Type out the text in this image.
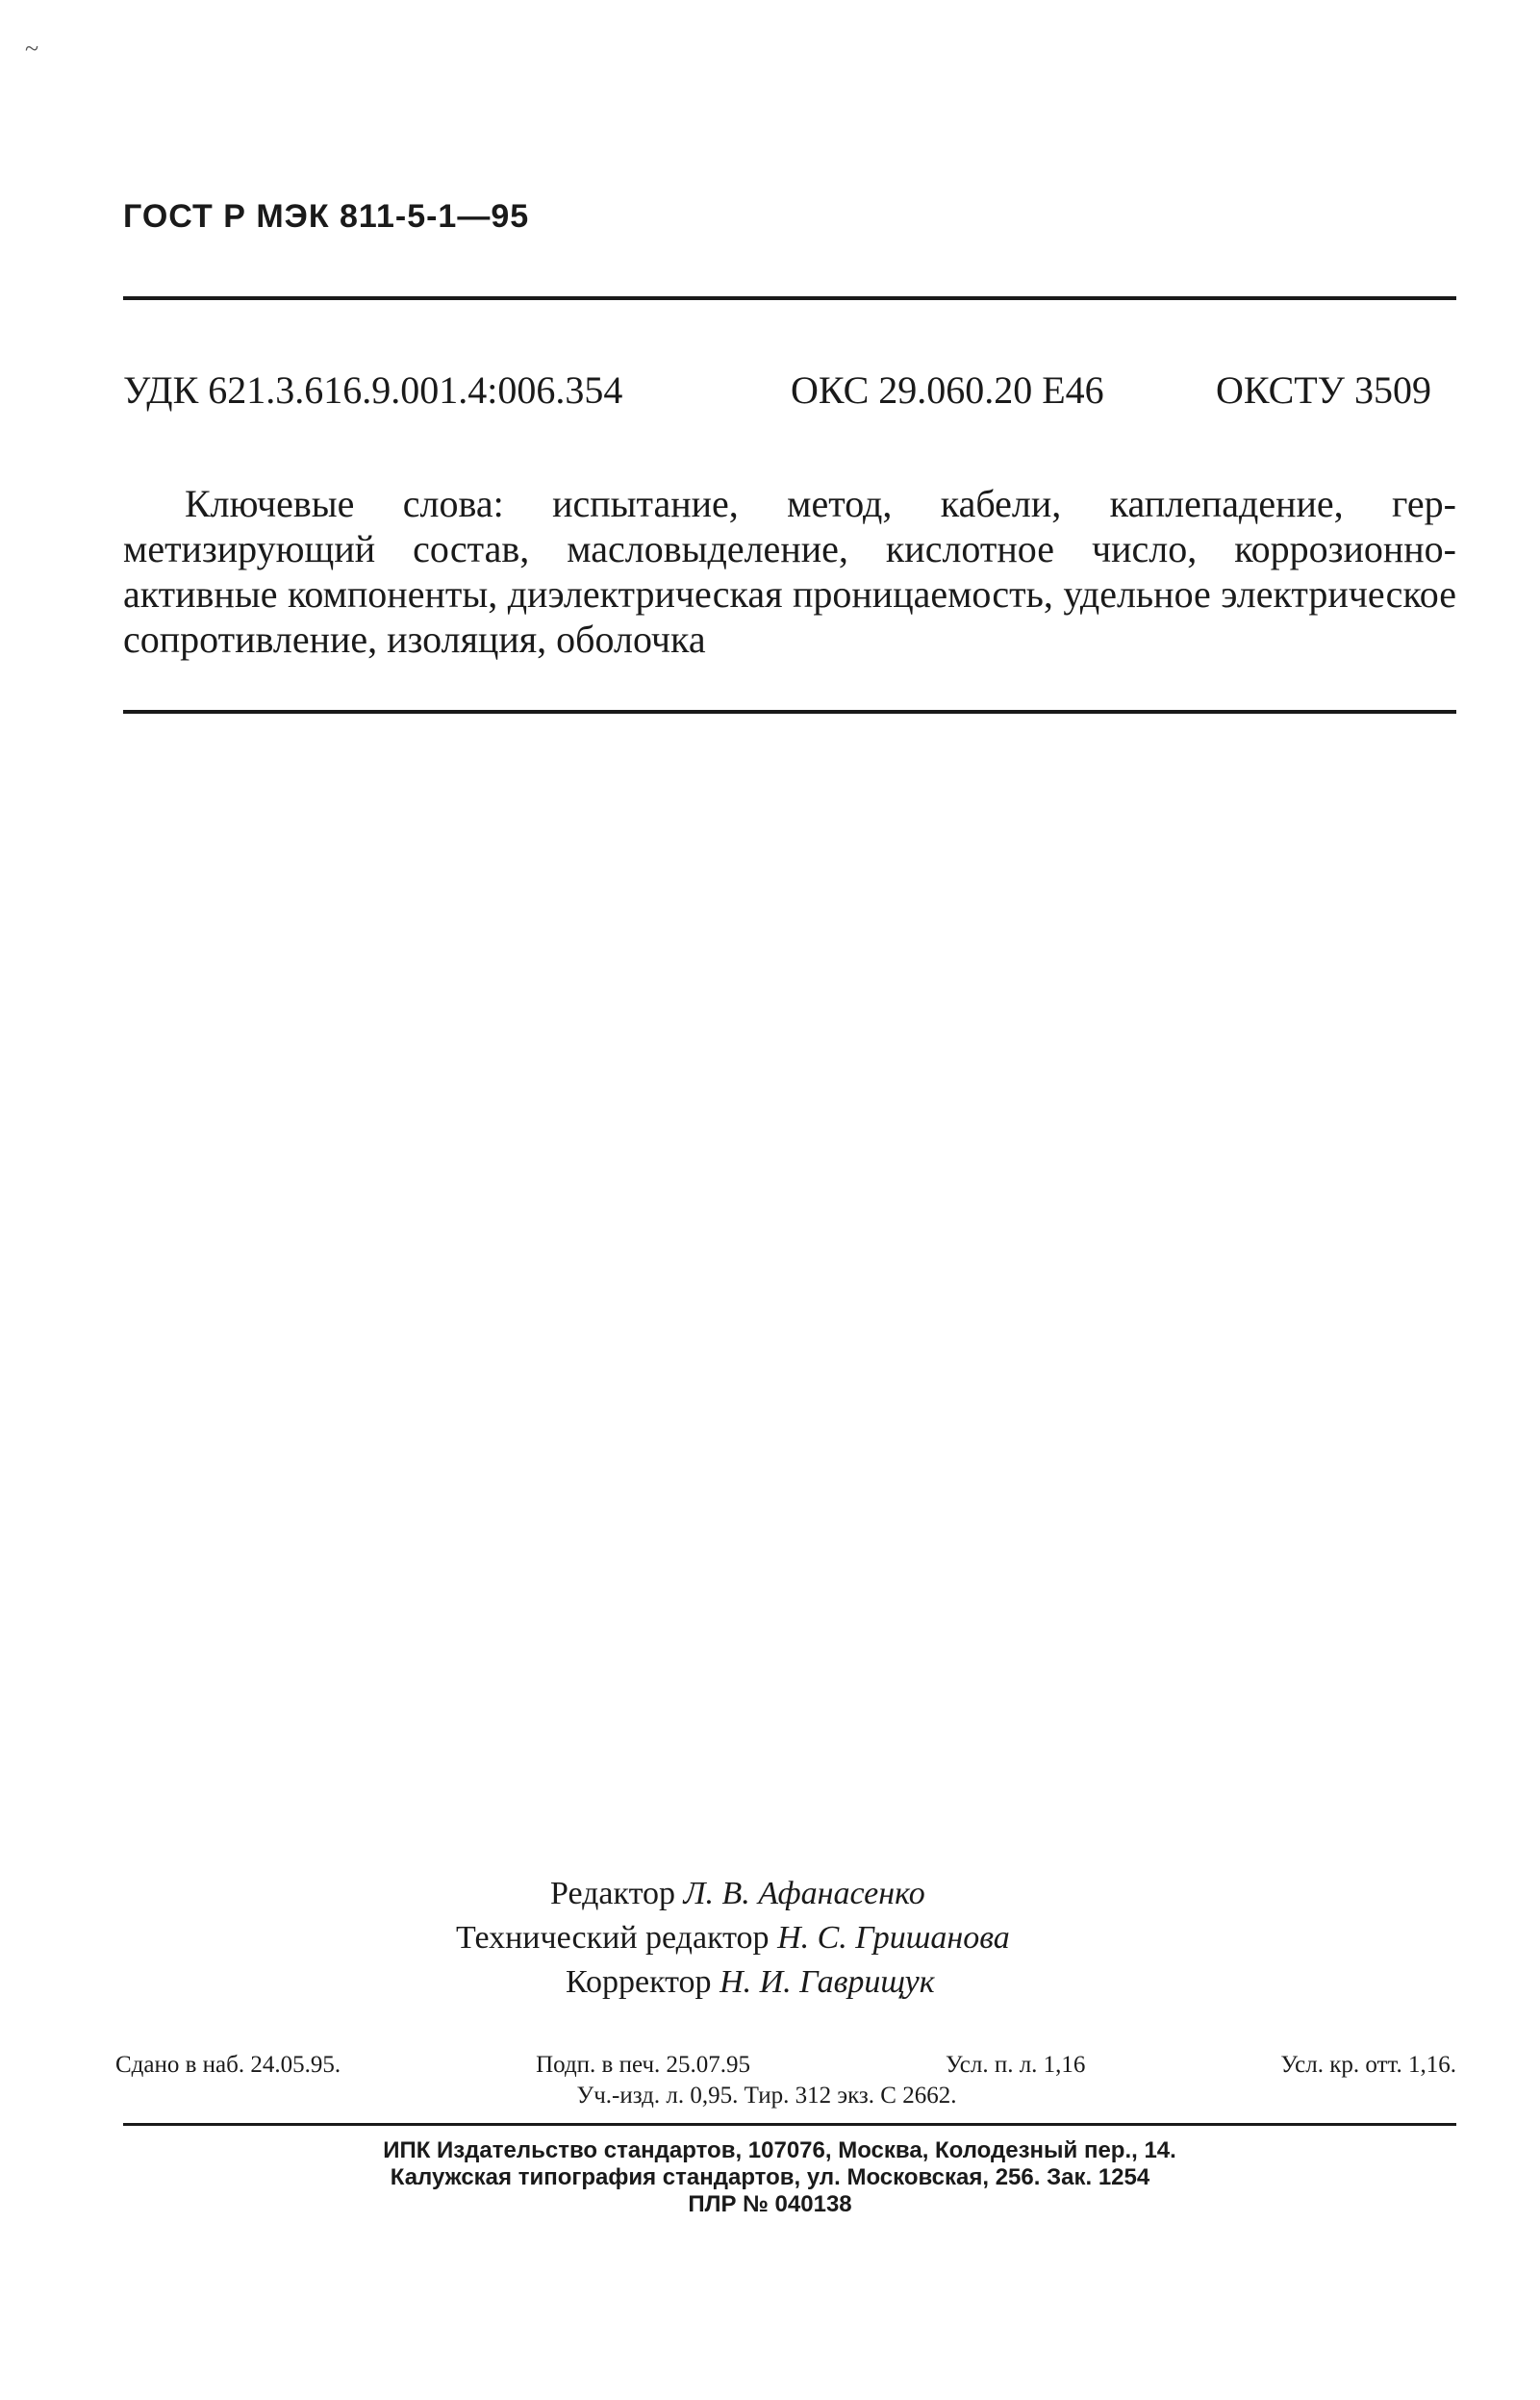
~
ГОСТ Р МЭК 811-5-1—95
УДК 621.3.616.9.001.4:006.354	ОКС 29.060.20 Е46	ОКСТУ 3509
Ключевые слова: испытание, метод, кабели, каплепадение, герметизирующий состав, масловыделение, кислотное число, коррозионно-активные компоненты, диэлектрическая проницаемость, удельное электрическое сопротивление, изоляция, оболочка
Редактор Л. В. Афанасенко
Технический редактор Н. С. Гришанова
Корректор Н. И. Гаврищук
Сдано в наб. 24.05.95.	Подп. в печ. 25.07.95	Усл. п. л. 1,16	Усл. кр. отт. 1,16.
Уч.-изд. л. 0,95. Тир. 312 экз. С 2662.
ИПК Издательство стандартов, 107076, Москва, Колодезный пер., 14.
Калужская типография стандартов, ул. Московская, 256. Зак. 1254
ПЛР № 040138
